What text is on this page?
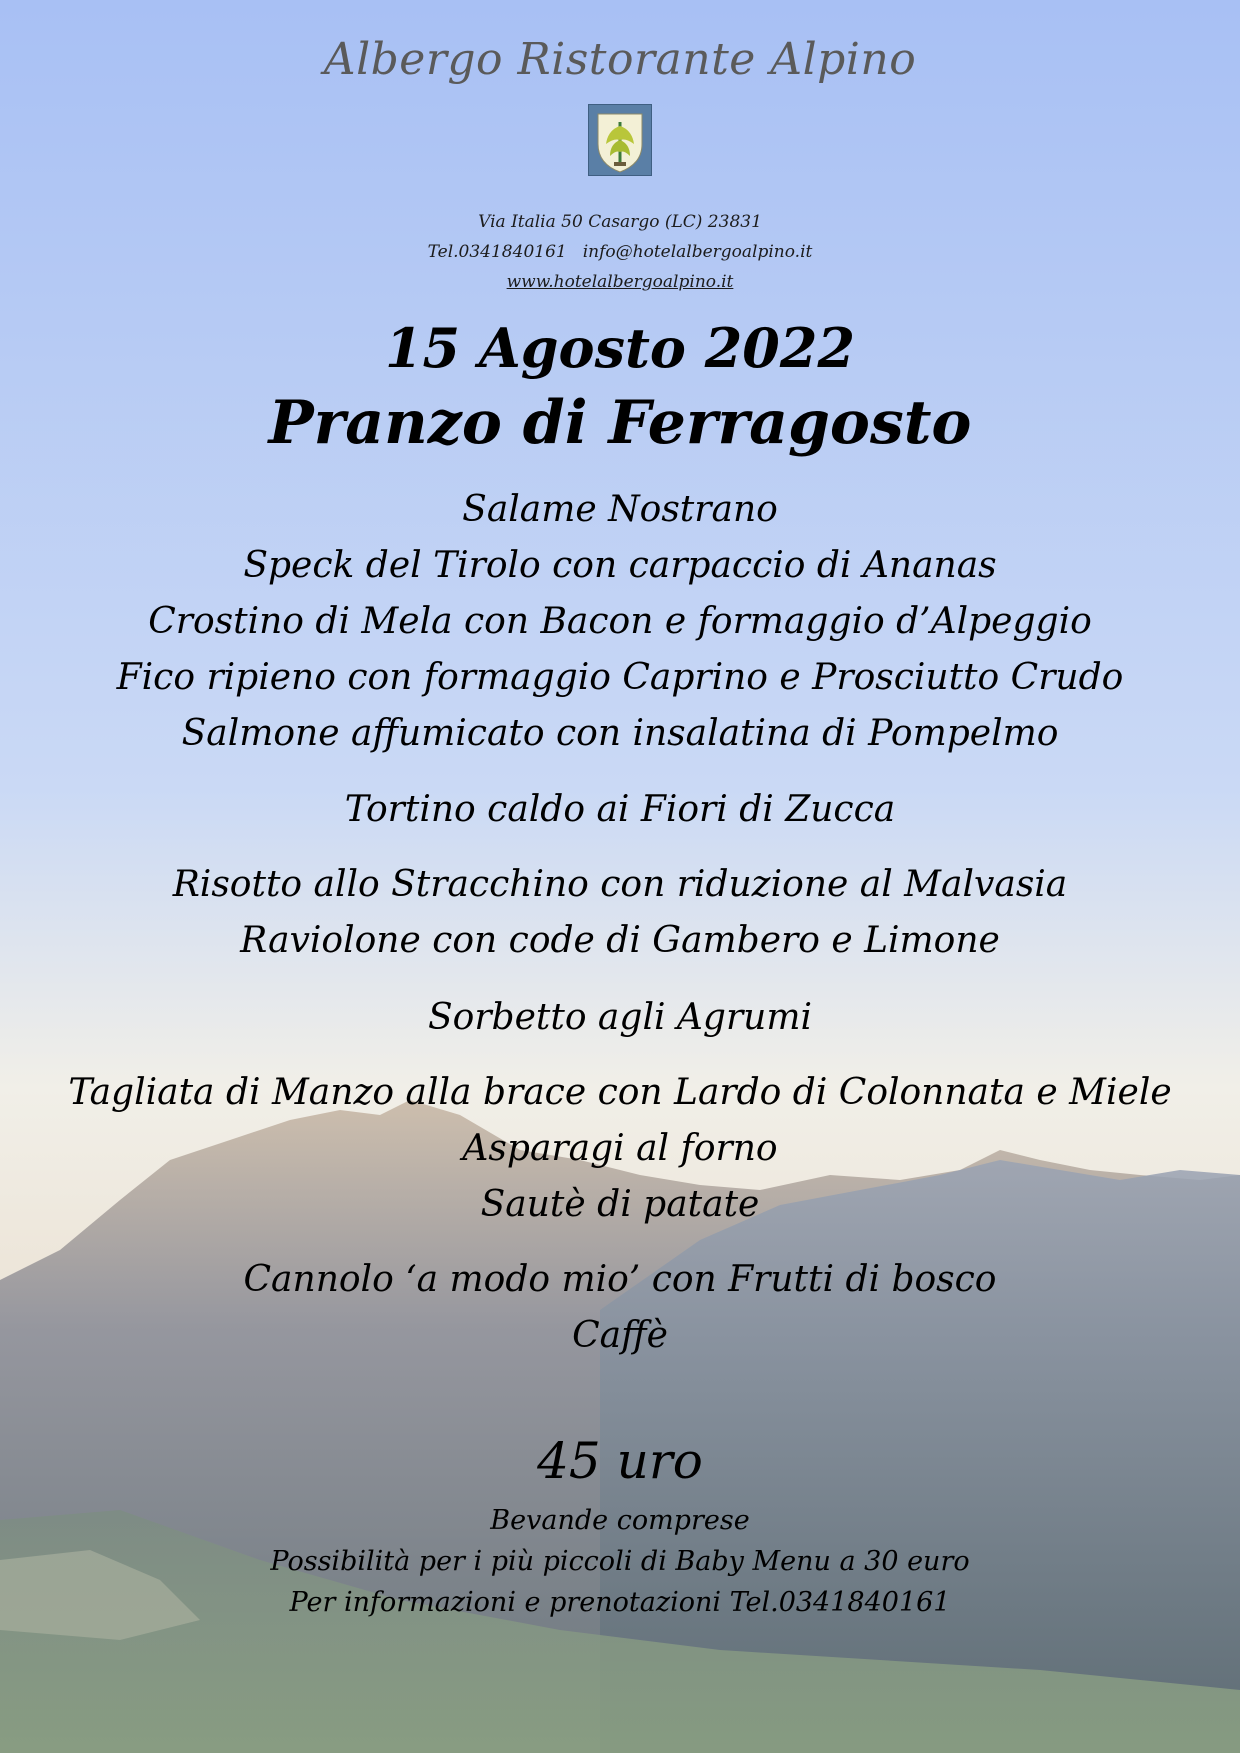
Albergo Ristorante Alpino
Via Italia 50 Casargo (LC) 23831
Tel.0341840161 info@hotelalbergoalpino.it
www.hotelalbergoalpino.it
15 Agosto 2022
Pranzo di Ferragosto
Salame Nostrano
Speck del Tirolo con carpaccio di Ananas
Crostino di Mela con Bacon e formaggio d’Alpeggio
Fico ripieno con formaggio Caprino e Prosciutto Crudo
Salmone affumicato con insalatina di Pompelmo
Tortino caldo ai Fiori di Zucca
Risotto allo Stracchino con riduzione al Malvasia
Raviolone con code di Gambero e Limone
Sorbetto agli Agrumi
Tagliata di Manzo alla brace con Lardo di Colonnata e Miele
Asparagi al forno
Sautè di patate
Cannolo ‘a modo mio’ con Frutti di bosco
Caffè
45 uro
Bevande comprese
Possibilità per i più piccoli di Baby Menu a 30 euro
Per informazioni e prenotazioni Tel.0341840161
